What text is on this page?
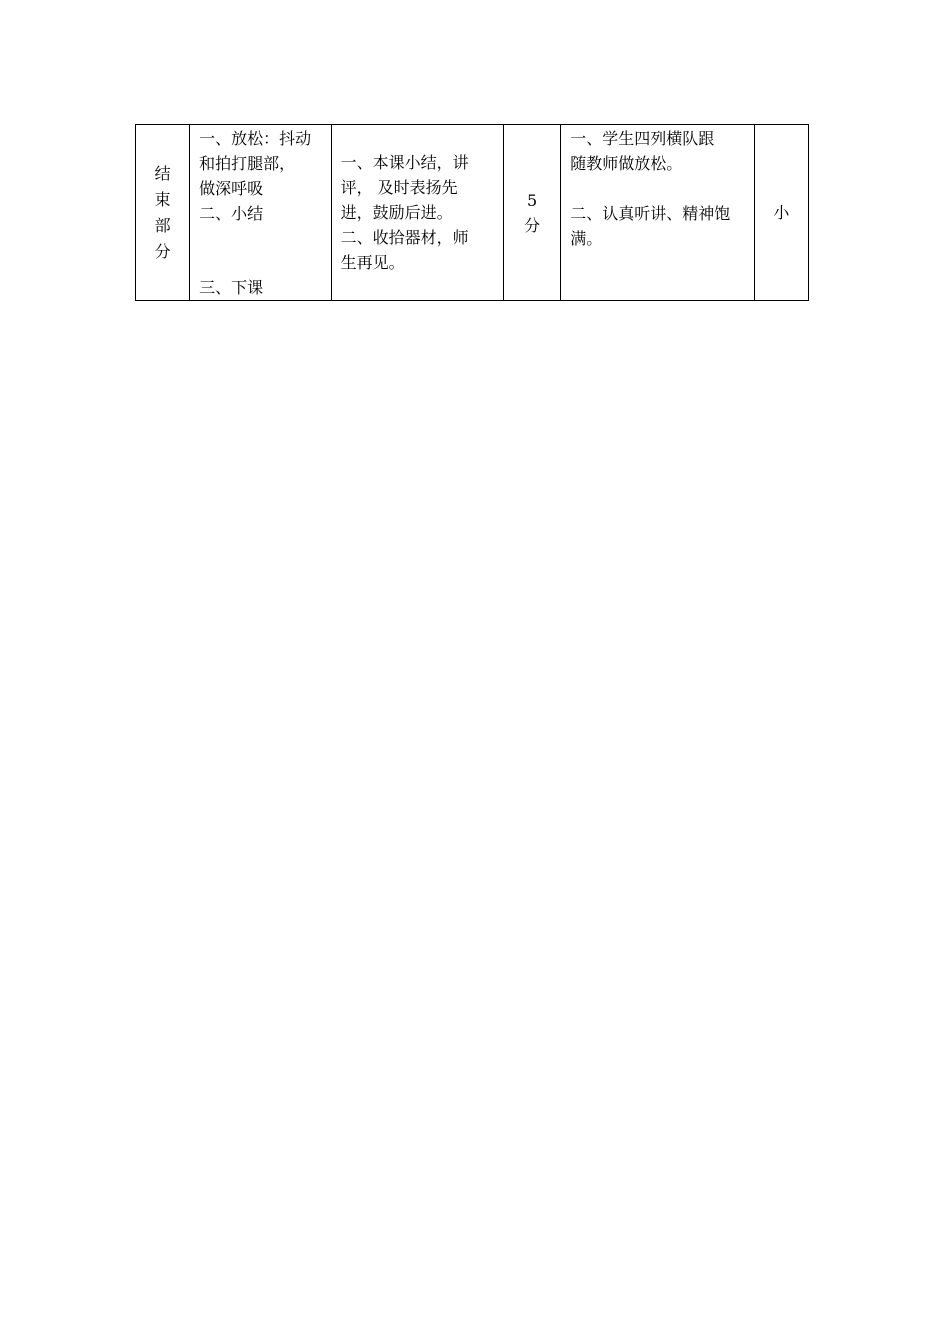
结束部分

一、放松：抖动
和拍打腿部，
做深呼吸
二、小结
三、下课

一、本课小结，讲
评， 及时表扬先
进，鼓励后进。
二、收拾器材，师
生再见。

5
分

一、学生四列横队跟
随教师做放松。
二、认真听讲、精神饱
满。
	小
